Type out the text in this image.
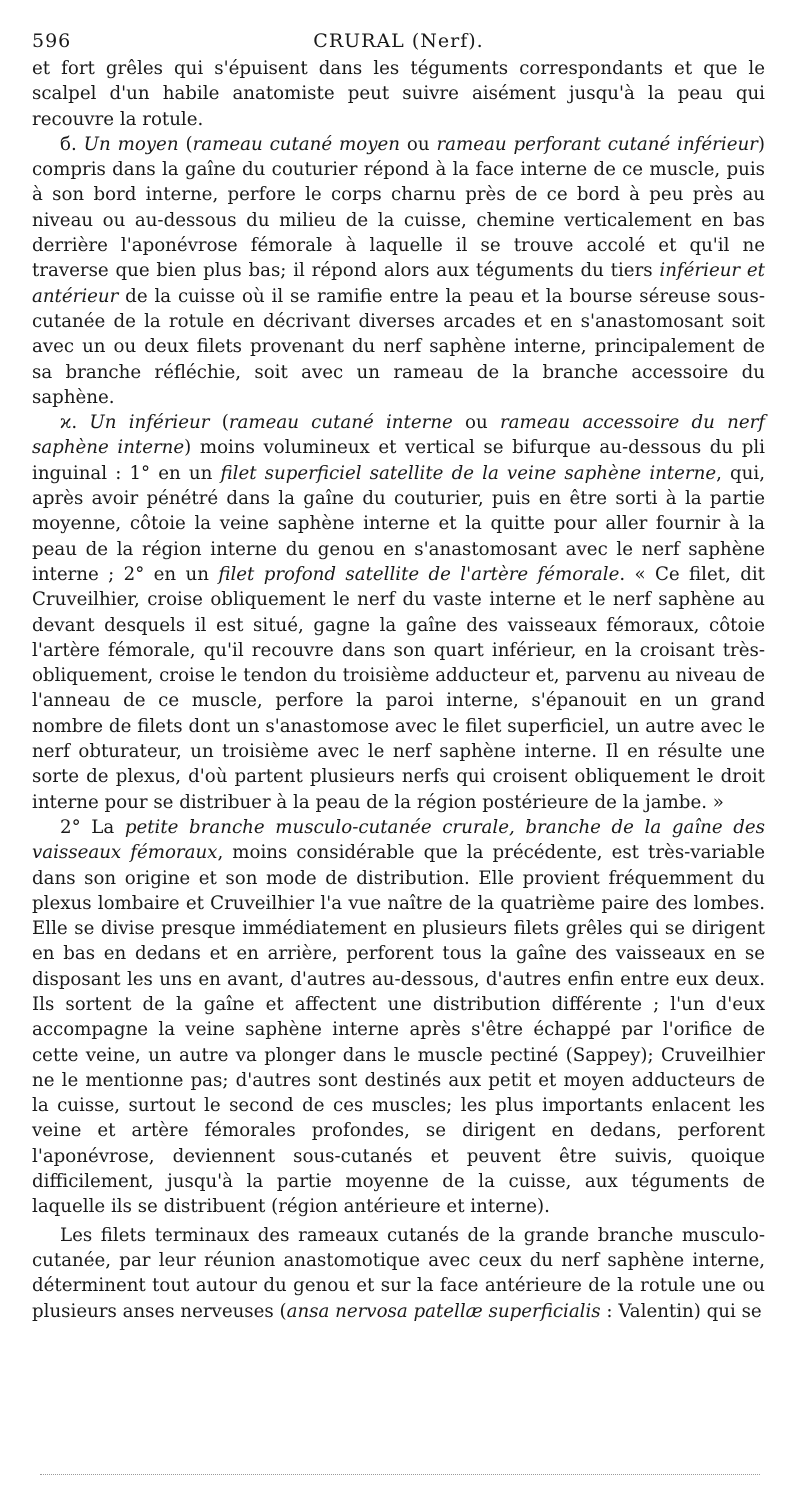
596	CRURAL (Nerf).

et fort grêles qui s'épuisent dans les téguments correspondants et que le scalpel d'un habile anatomiste peut suivre aisément jusqu'à la peau qui recouvre la rotule.

б. Un moyen (rameau cutané moyen ou rameau perforant cutané inférieur) compris dans la gaîne du couturier répond à la face interne de ce muscle, puis à son bord interne, perfore le corps charnu près de ce bord à peu près au niveau ou au-dessous du milieu de la cuisse, chemine verticalement en bas derrière l'aponévrose fémorale à laquelle il se trouve accolé et qu'il ne traverse que bien plus bas; il répond alors aux téguments du tiers inférieur et antérieur de la cuisse où il se ramifie entre la peau et la bourse séreuse sous-cutanée de la rotule en décrivant diverses arcades et en s'anastomosant soit avec un ou deux filets provenant du nerf saphène interne, principalement de sa branche réfléchie, soit avec un rameau de la branche accessoire du saphène.

ϰ. Un inférieur (rameau cutané interne ou rameau accessoire du nerf saphène interne) moins volumineux et vertical se bifurque au-dessous du pli inguinal : 1° en un filet superficiel satellite de la veine saphène interne, qui, après avoir pénétré dans la gaîne du couturier, puis en être sorti à la partie moyenne, côtoie la veine saphène interne et la quitte pour aller fournir à la peau de la région interne du genou en s'anastomosant avec le nerf saphène interne ; 2° en un filet profond satellite de l'artère fémorale. « Ce filet, dit Cruveilhier, croise obliquement le nerf du vaste interne et le nerf saphène au devant desquels il est situé, gagne la gaîne des vaisseaux fémoraux, côtoie l'artère fémorale, qu'il recouvre dans son quart inférieur, en la croisant très-obliquement, croise le tendon du troisième adducteur et, parvenu au niveau de l'anneau de ce muscle, perfore la paroi interne, s'épanouit en un grand nombre de filets dont un s'anastomose avec le filet superficiel, un autre avec le nerf obturateur, un troisième avec le nerf saphène interne. Il en résulte une sorte de plexus, d'où partent plusieurs nerfs qui croisent obliquement le droit interne pour se distribuer à la peau de la région postérieure de la jambe. »

2° La petite branche musculo-cutanée crurale, branche de la gaîne des vaisseaux fémoraux, moins considérable que la précédente, est très-variable dans son origine et son mode de distribution. Elle provient fréquemment du plexus lombaire et Cruveilhier l'a vue naître de la quatrième paire des lombes. Elle se divise presque immédiatement en plusieurs filets grêles qui se dirigent en bas en dedans et en arrière, perforent tous la gaîne des vaisseaux en se disposant les uns en avant, d'autres au-dessous, d'autres enfin entre eux deux. Ils sortent de la gaîne et affectent une distribution différente ; l'un d'eux accompagne la veine saphène interne après s'être échappé par l'orifice de cette veine, un autre va plonger dans le muscle pectiné (Sappey); Cruveilhier ne le mentionne pas; d'autres sont destinés aux petit et moyen adducteurs de la cuisse, surtout le second de ces muscles; les plus importants enlacent les veine et artère fémorales profondes, se dirigent en dedans, perforent l'aponévrose, deviennent sous-cutanés et peuvent être suivis, quoique difficilement, jusqu'à la partie moyenne de la cuisse, aux téguments de laquelle ils se distribuent (région antérieure et interne).

Les filets terminaux des rameaux cutanés de la grande branche musculo-cutanée, par leur réunion anastomotique avec ceux du nerf saphène interne, déterminent tout autour du genou et sur la face antérieure de la rotule une ou plusieurs anses nerveuses (ansa nervosa patellæ superficialis : Valentin) qui se
